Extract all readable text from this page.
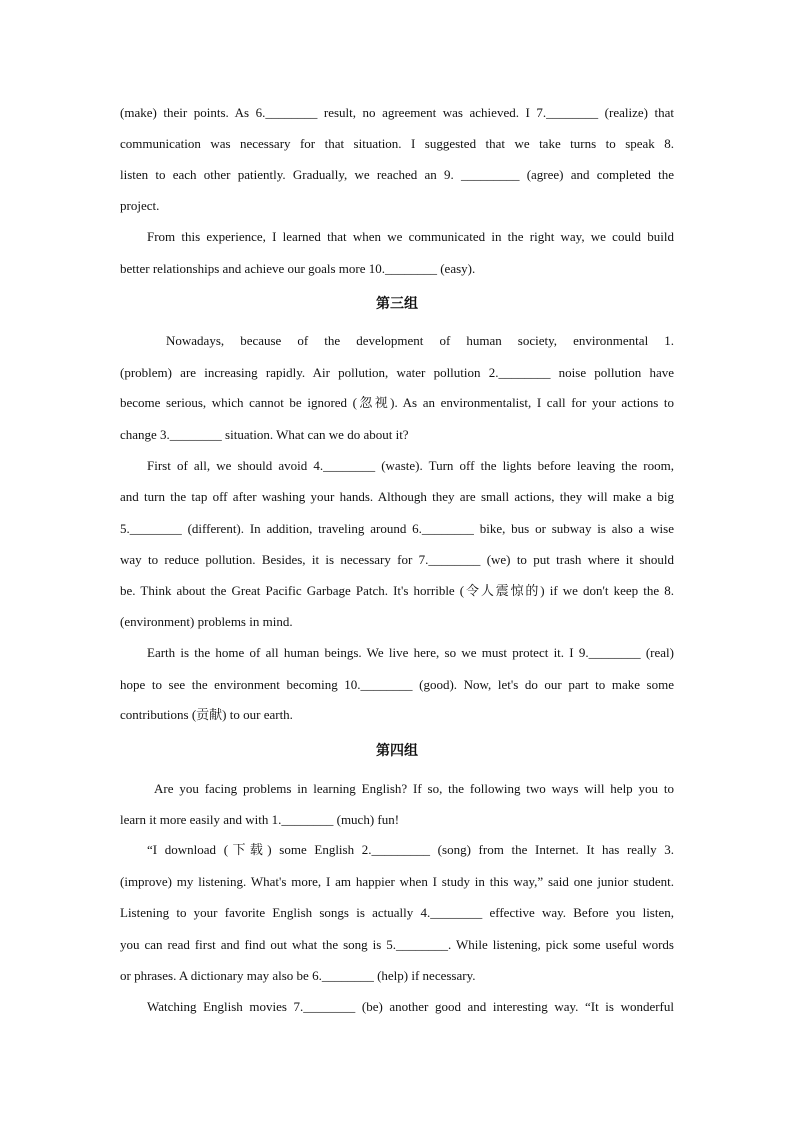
(make) their points. As 6.________ result, no agreement was achieved. I 7.________ (realize) that
communication was necessary for that situation. I suggested that we take turns to speak 8.
listen to each other patiently. Gradually, we reached an 9. _________ (agree) and completed the
project.
From this experience, I learned that when we communicated in the right way, we could build
better relationships and achieve our goals more 10.________ (easy).
第三组
Nowadays, because of the development of human society, environmental 1.
(problem) are increasing rapidly. Air pollution, water pollution 2.________ noise pollution have
become serious, which cannot be ignored (忽视). As an environmentalist, I call for your actions to
change 3.________ situation. What can we do about it?
First of all, we should avoid 4.________ (waste). Turn off the lights before leaving the room,
and turn the tap off after washing your hands. Although they are small actions, they will make a big
5.________ (different). In addition, traveling around 6.________ bike, bus or subway is also a wise
way to reduce pollution. Besides, it is necessary for 7.________ (we) to put trash where it should
be. Think about the Great Pacific Garbage Patch. It's horrible (令人震惊的) if we don't keep the 8.
(environment) problems in mind.
Earth is the home of all human beings. We live here, so we must protect it. I 9.________ (real)
hope to see the environment becoming 10.________ (good). Now, let's do our part to make some
contributions (贡献) to our earth.
第四组
Are you facing problems in learning English? If so, the following two ways will help you to
learn it more easily and with 1.________ (much) fun!
“I download (下载) some English 2._________ (song) from the Internet. It has really 3.
(improve) my listening. What's more, I am happier when I study in this way,” said one junior student.
Listening to your favorite English songs is actually 4.________ effective way. Before you listen,
you can read first and find out what the song is 5.________. While listening, pick some useful words
or phrases. A dictionary may also be 6.________ (help) if necessary.
Watching English movies 7.________ (be) another good and interesting way. “It is wonderful
